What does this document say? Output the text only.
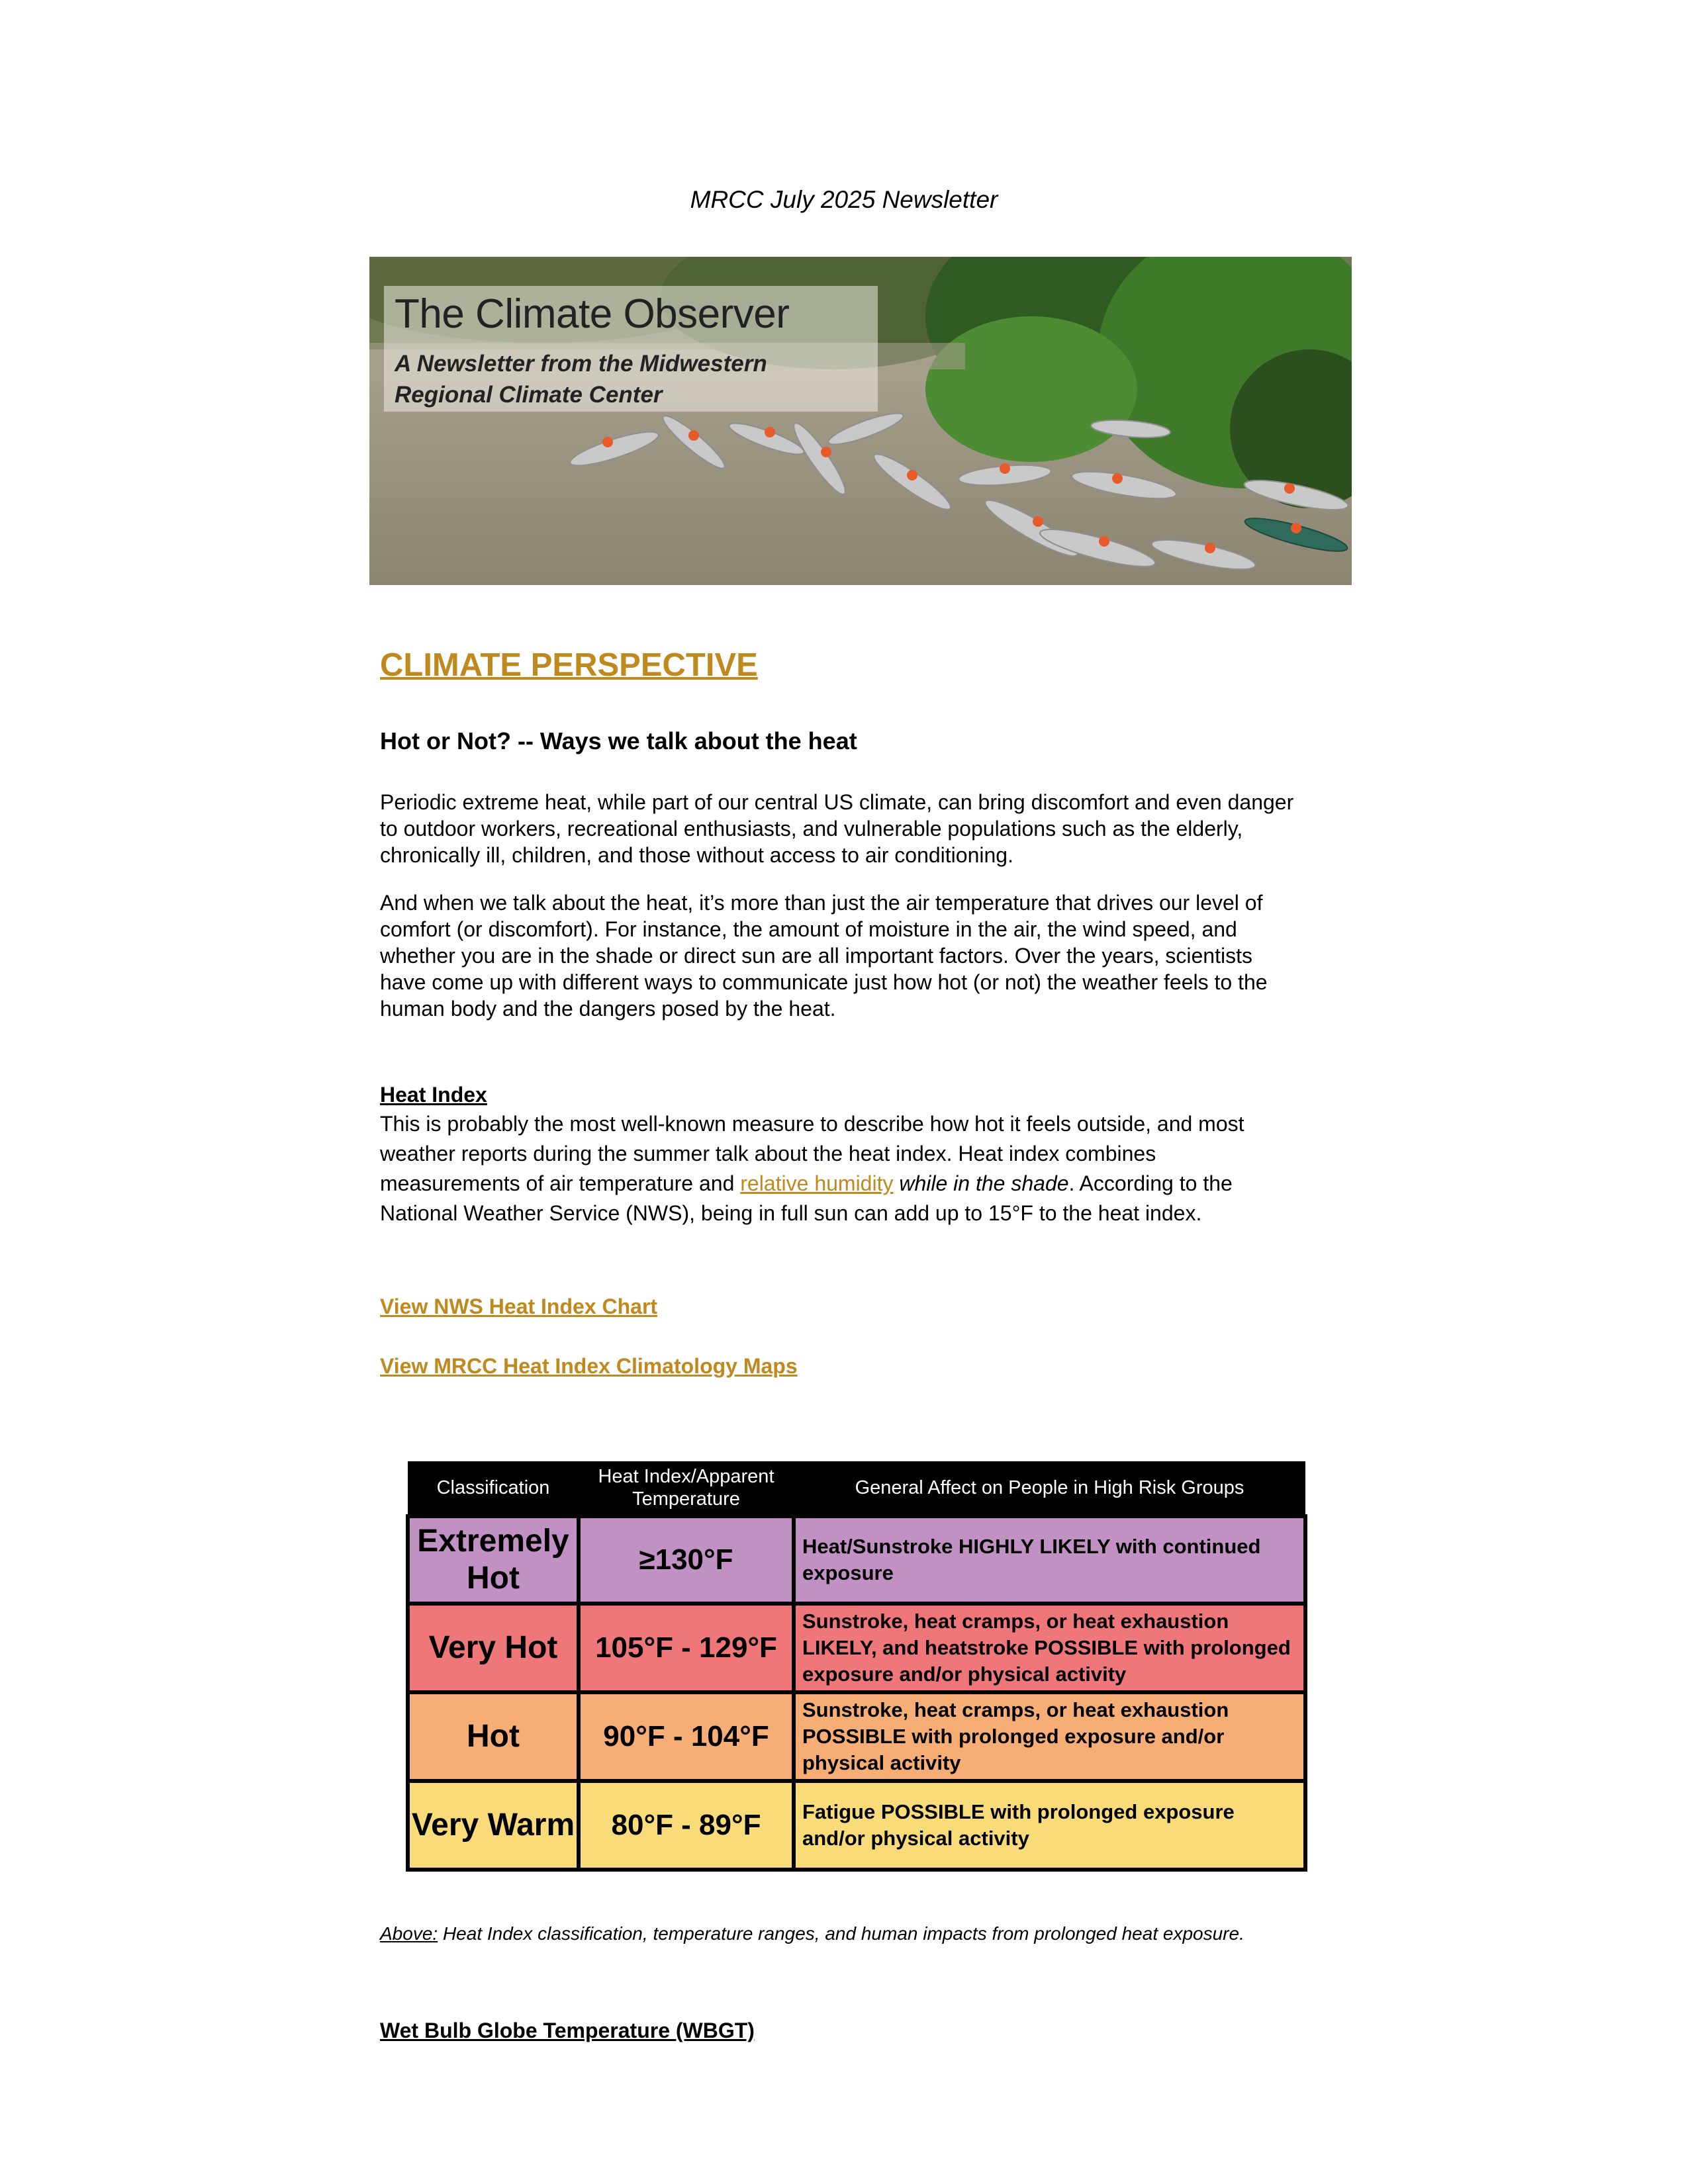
MRCC July 2025 Newsletter
The Climate Observer
A Newsletter from the Midwestern Regional Climate Center
CLIMATE PERSPECTIVE
Hot or Not? -- Ways we talk about the heat
Periodic extreme heat, while part of our central US climate, can bring discomfort and even danger to outdoor workers, recreational enthusiasts, and vulnerable populations such as the elderly, chronically ill, children, and those without access to air conditioning.
And when we talk about the heat, it’s more than just the air temperature that drives our level of comfort (or discomfort). For instance, the amount of moisture in the air, the wind speed, and whether you are in the shade or direct sun are all important factors. Over the years, scientists have come up with different ways to communicate just how hot (or not) the weather feels to the human body and the dangers posed by the heat.
Heat Index
This is probably the most well-known measure to describe how hot it feels outside, and most weather reports during the summer talk about the heat index. Heat index combines measurements of air temperature and relative humidity while in the shade. According to the National Weather Service (NWS), being in full sun can add up to 15°F to the heat index.
View NWS Heat Index Chart
View MRCC Heat Index Climatology Maps
Classification	Heat Index/Apparent Temperature	General Affect on People in High Risk Groups
Extremely Hot	≥130°F	Heat/Sunstroke HIGHLY LIKELY with continued exposure
Very Hot	105°F - 129°F	Sunstroke, heat cramps, or heat exhaustion LIKELY, and heatstroke POSSIBLE with prolonged exposure and/or physical activity
Hot	90°F - 104°F	Sunstroke, heat cramps, or heat exhaustion POSSIBLE with prolonged exposure and/or physical activity
Very Warm	80°F - 89°F	Fatigue POSSIBLE with prolonged exposure and/or physical activity
Above: Heat Index classification, temperature ranges, and human impacts from prolonged heat exposure.
Wet Bulb Globe Temperature (WBGT)
